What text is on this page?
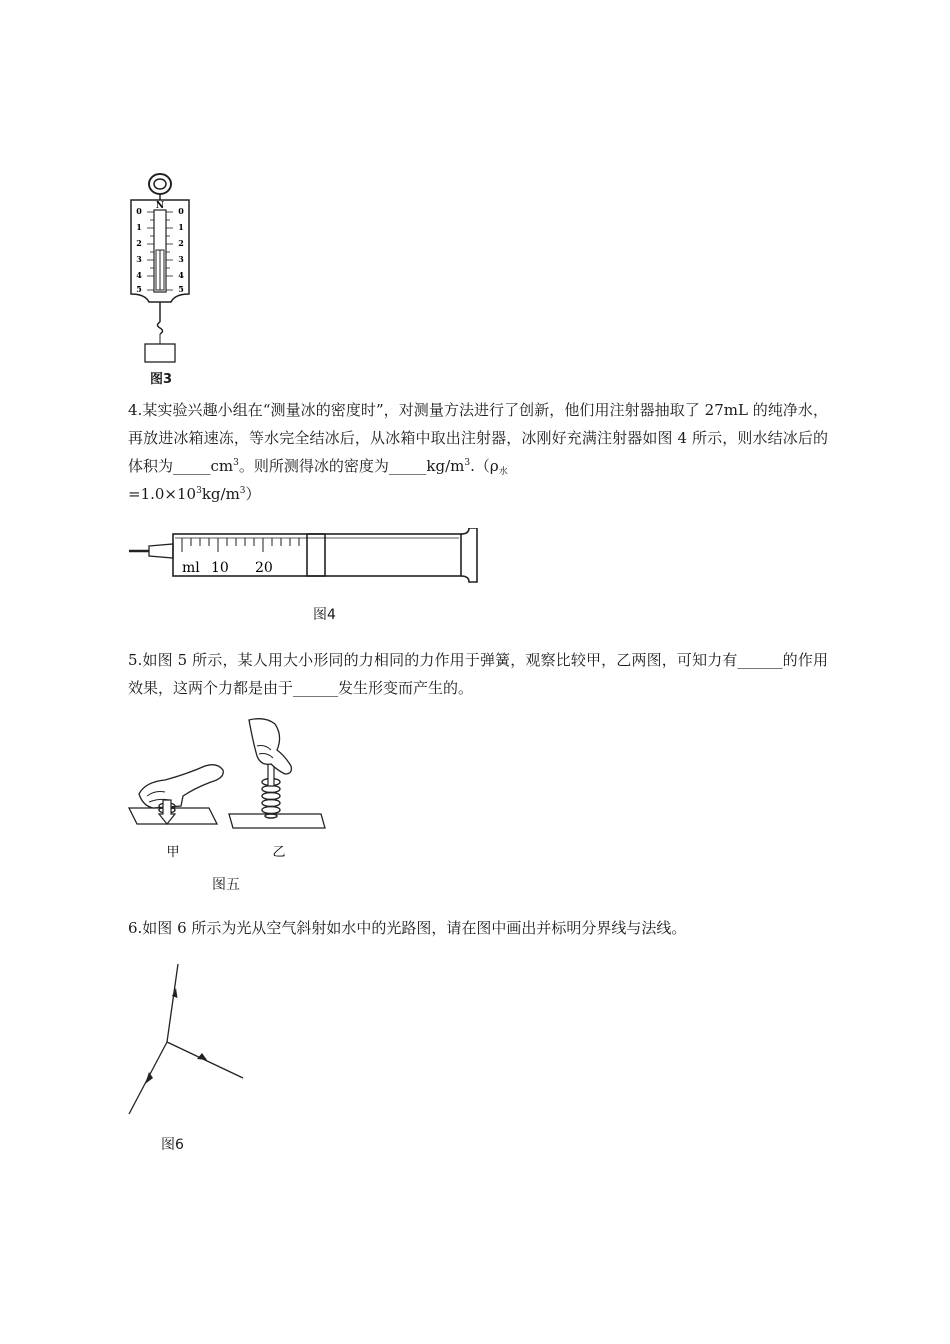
N
0
1
2
3
4
5
0
1
2
3
4
5
图3
4.某实验兴趣小组在“测量冰的密度时”，对测量方法进行了创新，他们用注射器抽取了 27mL 的纯净水，再放进冰箱速冻，等水完全结冰后，从冰箱中取出注射器，冰刚好充满注射器如图 4 所示，则水结冰后的体积为$\_\_\_\_\_cm^3$。则所测得冰的密度为$\_\_\_\_\_kg/m^3.(\rho_水$
$=1.0\times 10^3kg/m^3$）
ml 10 20
图4
5.如图 5 所示，某人用大小形同的力相同的力作用于弹簧，观察比较甲，乙两图，可知力有______的作用效果，这两个力都是由于______发生形变而产生的。
甲	乙
图五
6.如图 6 所示为光从空气斜射如水中的光路图，请在图中画出并标明分界线与法线。
图6
